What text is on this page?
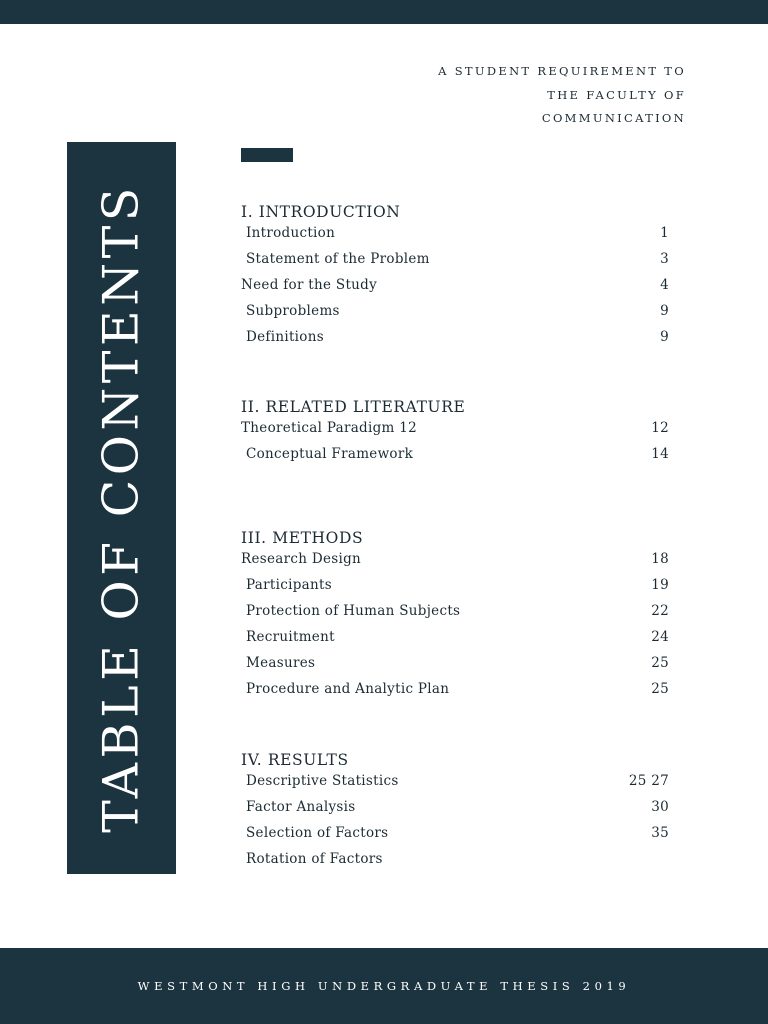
A STUDENT REQUIREMENT TO
THE FACULTY OF
COMMUNICATION
TABLE OF CONTENTS	I. INTRODUCTION
Introduction	1
Statement of the Problem	3
Need for the Study	4
Subproblems	9
Definitions	9
II. RELATED LITERATURE
Theoretical Paradigm 12	12
Conceptual Framework	14
III. METHODS
Research Design	18
Participants	19
Protection of Human Subjects	22
Recruitment	24
Measures	25
Procedure and Analytic Plan	25
IV. RESULTS
Descriptive Statistics	25 27
Factor Analysis	30
Selection of Factors	35
Rotation of Factors
WESTMONT HIGH UNDERGRADUATE THESIS 2019
